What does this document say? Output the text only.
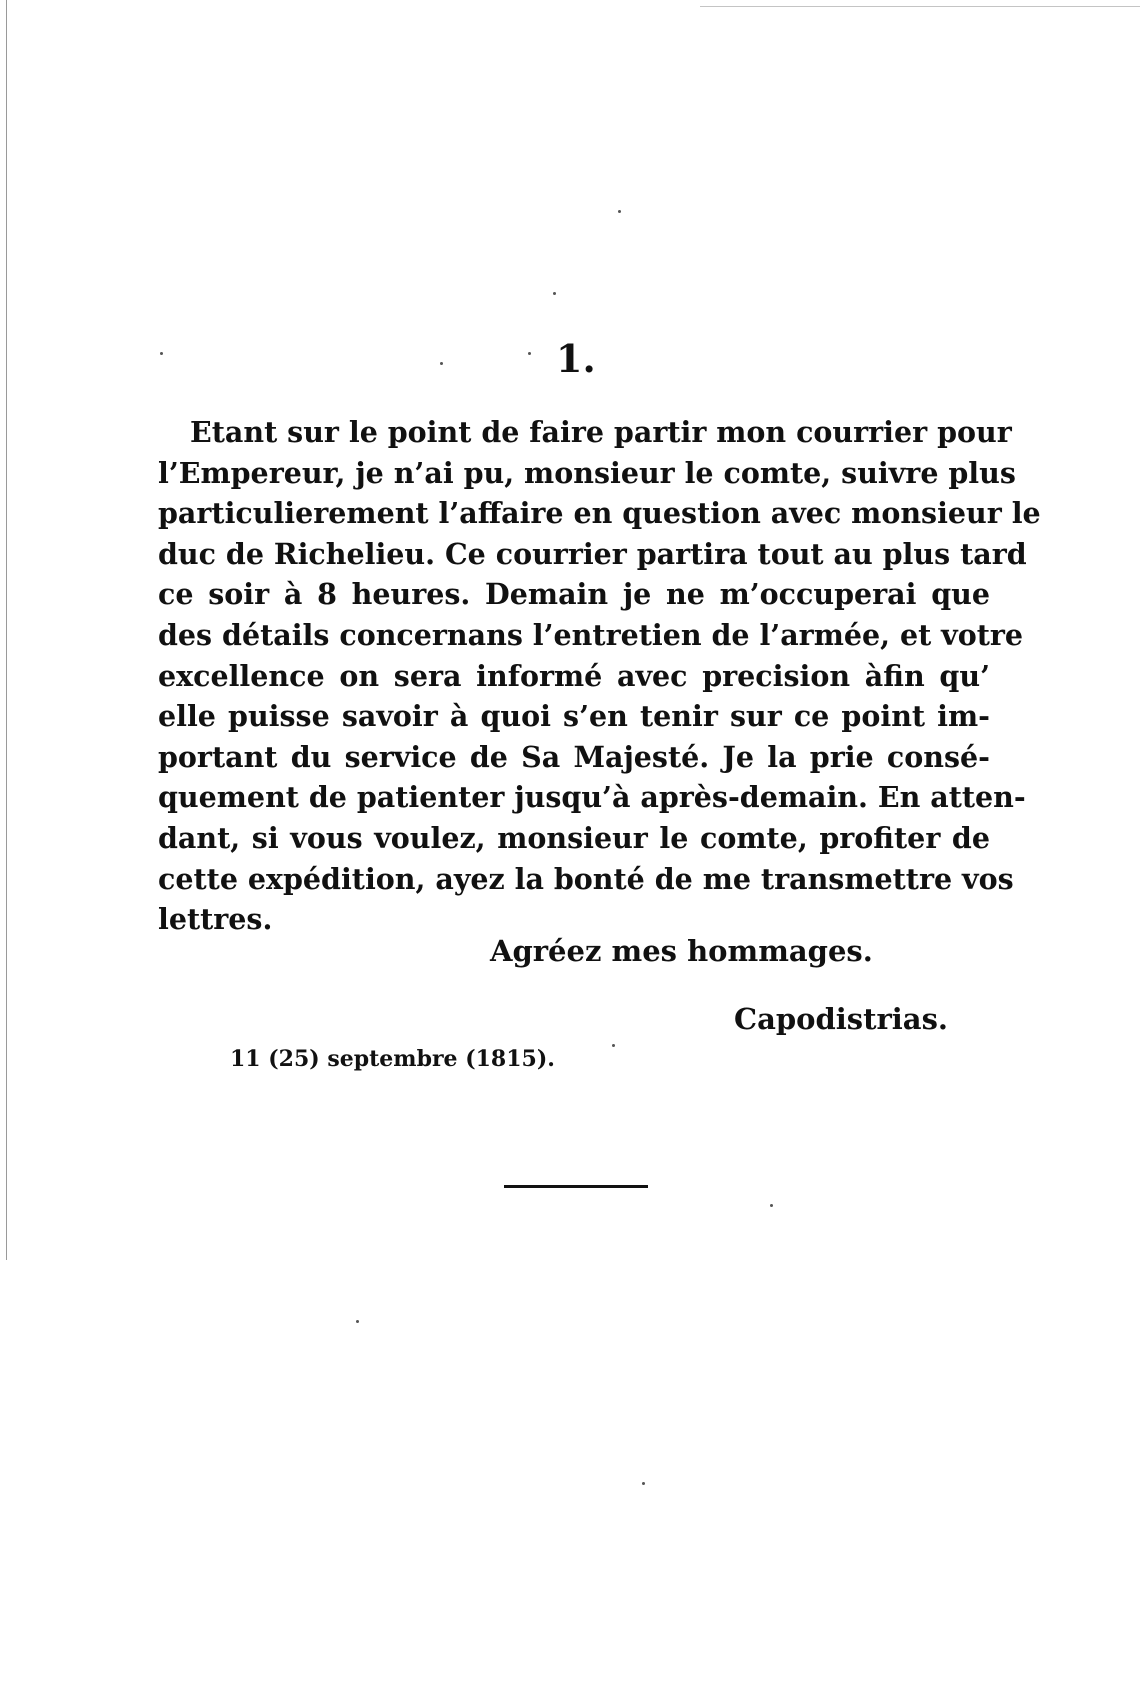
1.
Etant sur le point de faire partir mon courrier pour
l’Empereur, je n’ai pu, monsieur le comte, suivre plus
particulierement l’affaire en question avec monsieur le
duc de Richelieu. Ce courrier partira tout au plus tard
ce soir à 8 heures. Demain je ne m’occuperai que
des détails concernans l’entretien de l’armée, et votre
excellence on sera informé avec precision àfin qu’
elle puisse savoir à quoi s’en tenir sur ce point im-
portant du service de Sa Majesté. Je la prie consé-
quement de patienter jusqu’à après-demain. En atten-
dant, si vous voulez, monsieur le comte, profiter de
cette expédition, ayez la bonté de me transmettre vos
lettres.
Agréez mes hommages.
Capodistrias.
11 (25) septembre (1815).
